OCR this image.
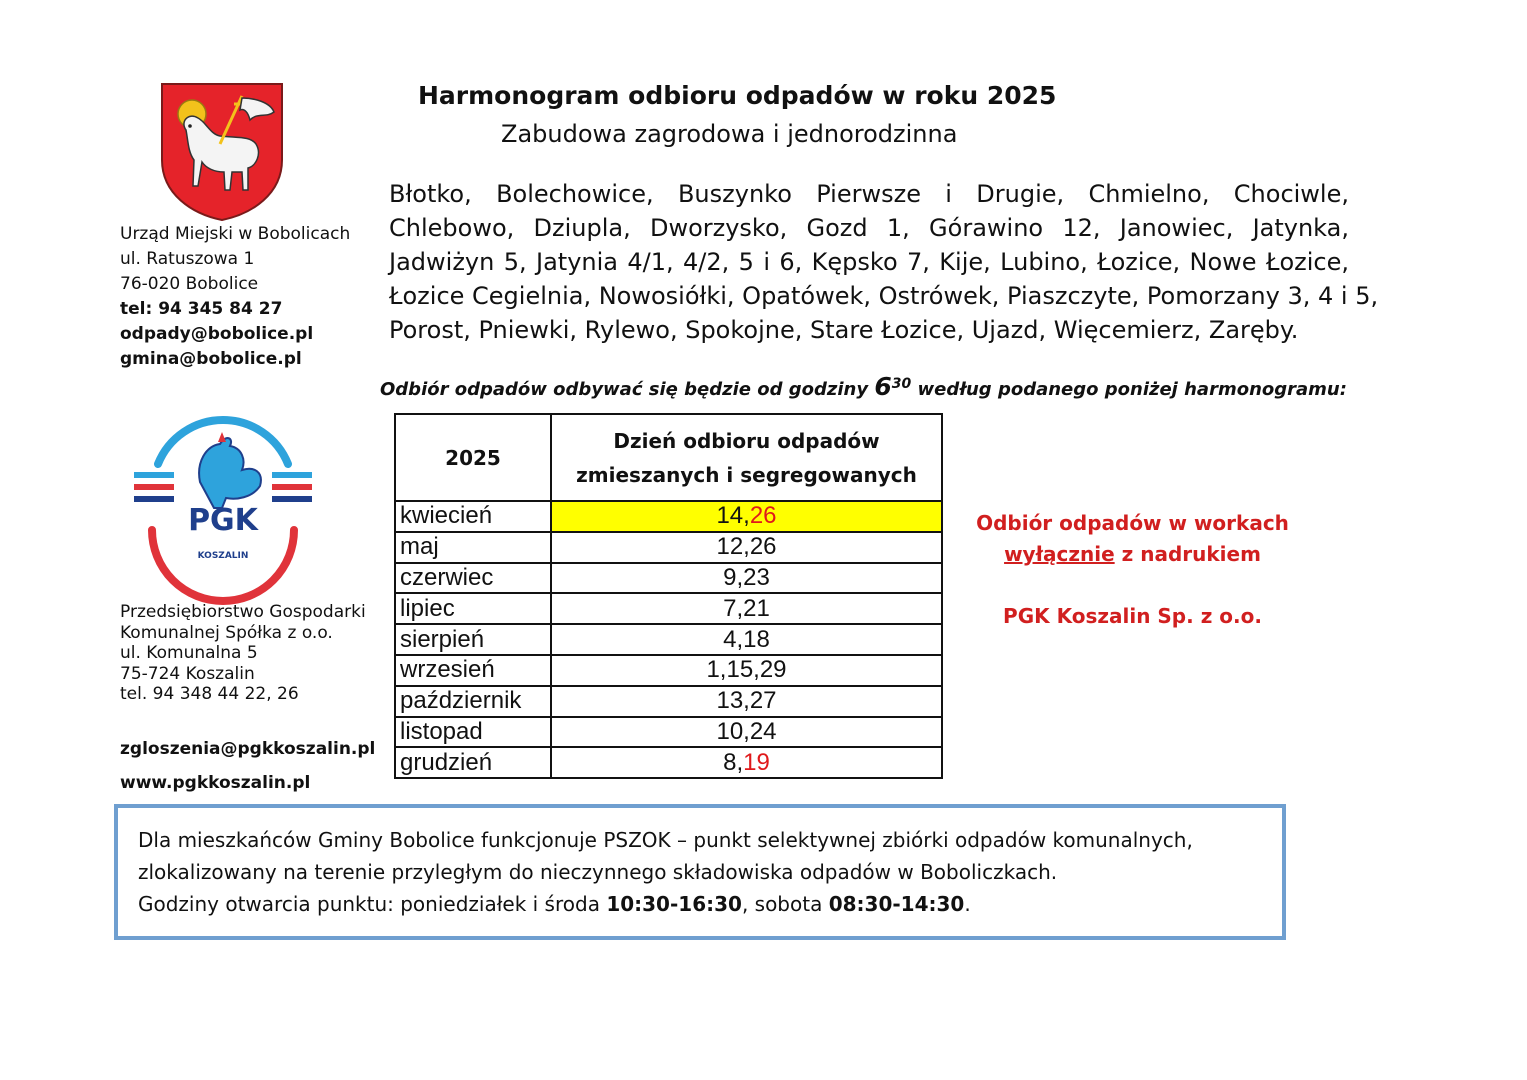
Urząd Miejski w Bobolicach
ul. Ratuszowa 1
76-020 Bobolice
tel: 94 345 84 27
odpady@bobolice.pl
gmina@bobolice.pl
PGK
KOSZALIN
Przedsiębiorstwo Gospodarki
Komunalnej Spółka z o.o.
ul. Komunalna 5
75-724 Koszalin
tel. 94 348 44 22, 26
zgloszenia@pgkkoszalin.pl
www.pgkkoszalin.pl
Harmonogram odbioru odpadów w roku 2025
Zabudowa zagrodowa i jednorodzinna
Błotko, Bolechowice, Buszynko Pierwsze i Drugie, Chmielno, Chociwle,
Chlebowo, Dziupla, Dworzysko, Gozd 1, Górawino 12, Janowiec, Jatynka,
Jadwiżyn 5, Jatynia 4/1, 4/2, 5 i 6, Kępsko 7, Kije, Lubino, Łozice, Nowe Łozice,
Łozice Cegielnia, Nowosiółki, Opatówek, Ostrówek, Piaszczyte, Pomorzany 3, 4 i 5,
Porost, Pniewki, Rylewo, Spokojne, Stare Łozice, Ujazd, Więcemierz, Zaręby.
Odbiór odpadów odbywać się będzie od godziny $6^{30}$ według podanego poniżej harmonogramu:
2025	Dzień odbioru odpadów
zmieszanych i segregowanych

kwiecień	14,26
maj	12,26
czerwiec	9,23
lipiec	7,21
sierpień	4,18
wrzesień	1,15,29
październik	13,27
listopad	10,24
grudzień	8,19
Odbiór odpadów w workach
wyłącznie z nadrukiem
PGK Koszalin Sp. z o.o.
Dla mieszkańców Gminy Bobolice funkcjonuje PSZOK – punkt selektywnej zbiórki odpadów komunalnych,
zlokalizowany na terenie przyległym do nieczynnego składowiska odpadów w Boboliczkach.
Godziny otwarcia punktu: poniedziałek i środa 10:30-16:30, sobota 08:30-14:30.
